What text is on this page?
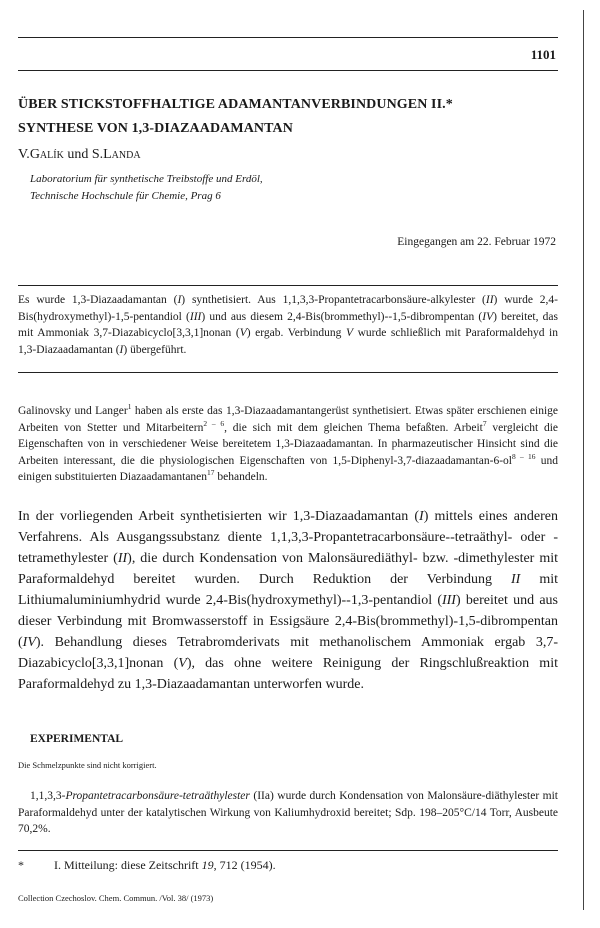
1101
ÜBER STICKSTOFFHALTIGE ADAMANTANVERBINDUNGEN II.*
SYNTHESE VON 1,3-DIAZAADAMANTAN
V.Galík und S.Landa
Laboratorium für synthetische Treibstoffe und Erdöl,
Technische Hochschule für Chemie, Prag 6
Eingegangen am 22. Februar 1972

Es wurde 1,3-Diazaadamantan (I) synthetisiert. Aus 1,1,3,3-Propantetracarbonsäure-alkylester (II) wurde 2,4-Bis(hydroxymethyl)-1,5-pentandiol (III) und aus diesem 2,4-Bis(brommethyl)--1,5-dibrompentan (IV) bereitet, das mit Ammoniak 3,7-Diazabicyclo[3,3,1]nonan (V) ergab. Verbindung V wurde schließlich mit Paraformaldehyd in 1,3-Diazaadamantan (I) übergeführt.

Galinovsky und Langer$^1$ haben als erste das 1,3-Diazaadamantangerüst synthetisiert. Etwas später erschienen einige Arbeiten von Stetter und Mitarbeitern$^{2 - 6}$, die sich mit dem gleichen Thema befaßten. Arbeit$^7$ vergleicht die Eigenschaften von in verschiedener Weise bereitetem 1,3-Diazaadamantan. In pharmazeutischer Hinsicht sind die Arbeiten interessant, die die physiologischen Eigenschaften von $1,5-Diphenyl-3,7-diazaadamantan-6-ol^{8 - 16}$ und einigen substituierten Diazaadamantanen$^{17}$ behandeln.

In der vorliegenden Arbeit synthetisierten wir 1,3-Diazaadamantan (I) mittels eines anderen Verfahrens. Als Ausgangssubstanz diente 1,1,3,3-Propantetracarbonsäure--tetraäthyl- oder -tetramethylester (II), die durch Kondensation von Malonsäurediäthyl- bzw. -dimethylester mit Paraformaldehyd bereitet wurden. Durch Reduktion der Verbindung II mit Lithiumaluminiumhydrid wurde 2,4-Bis(hydroxymethyl)--1,3-pentandiol (III) bereitet und aus dieser Verbindung mit Bromwasserstoff in Essigsäure 2,4-Bis(brommethyl)-1,5-dibrompentan (IV). Behandlung dieses Tetrabromderivats mit methanolischem Ammoniak ergab 3,7-Diazabicyclo[3,3,1]nonan (V), das ohne weitere Reinigung der Ringschlußreaktion mit Paraformaldehyd zu 1,3-Diazaadamantan unterworfen wurde.

EXPERIMENTAL
Die Schmelzpunkte sind nicht korrigiert.

1,1,3,3-Propantetracarbonsäure-tetraäthylester (IIa) wurde durch Kondensation von Malonsäure-diäthylester mit Paraformaldehyd unter der katalytischen Wirkung von Kaliumhydroxid bereitet; Sdp. 198–205°C/14 Torr, Ausbeute 70,2%.

*	I. Mitteilung: diese Zeitschrift 19, 712 (1954).
Collection Czechoslov. Chem. Commun. /Vol. 38/ (1973)
